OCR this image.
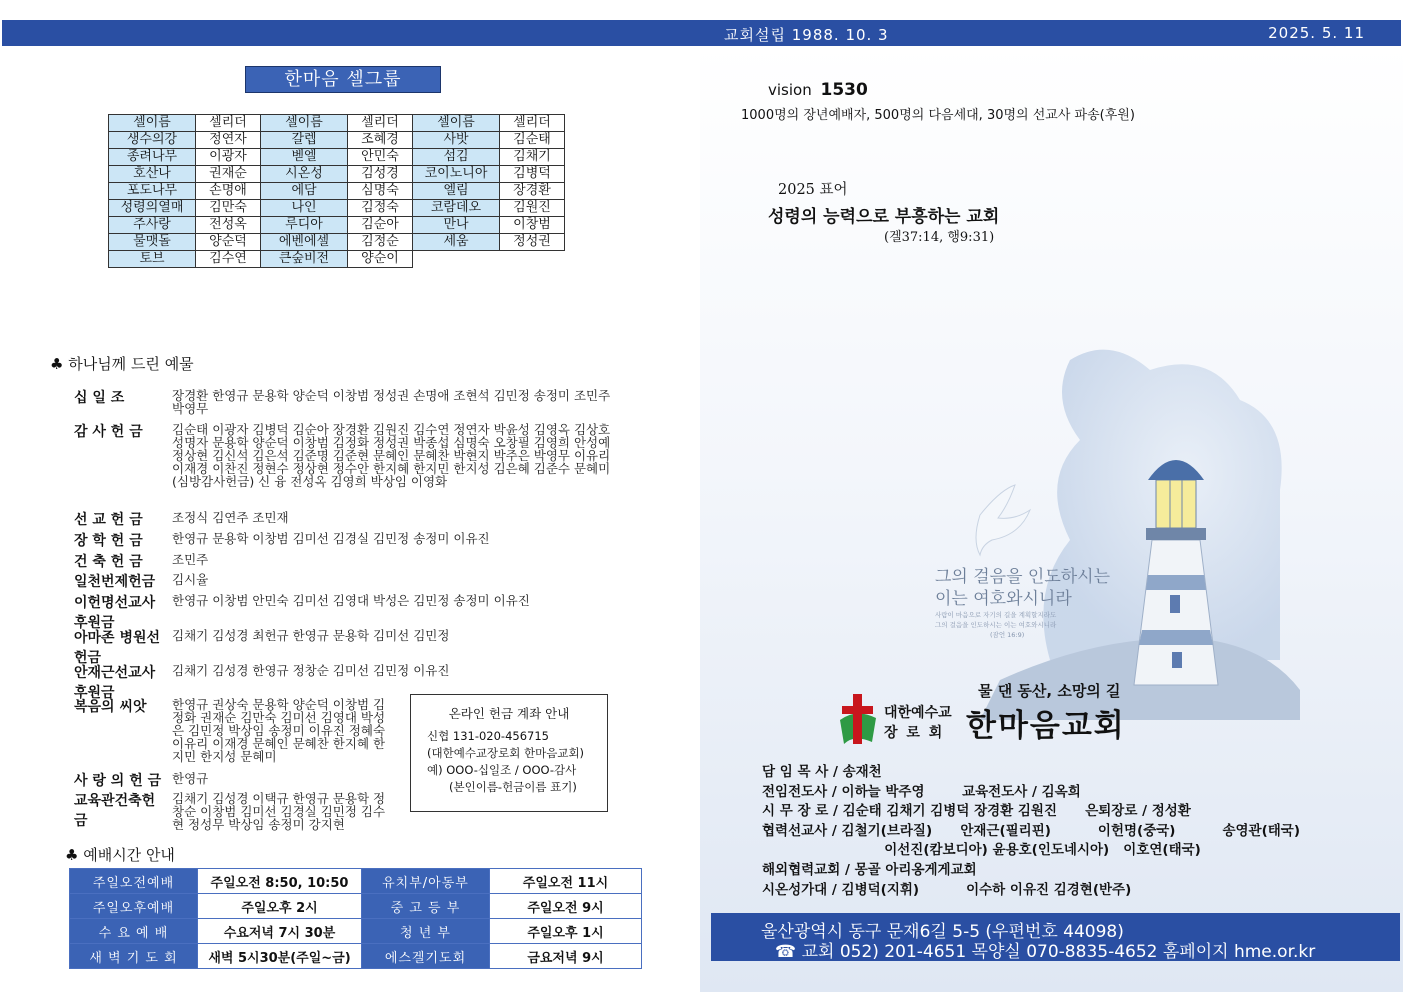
교회설립 1988. 10. 3	2025. 5. 11
한마음 셀그룹
셀이름	셀리더	셀이름	셀리더	셀이름	셀리더
생수의강	정연자	갈렙	조혜경	사밧	김순태
종려나무	이광자	벧엘	안민숙	섬김	김채기
호산나	권재순	시온성	김성경	코이노니아	김병덕
포도나무	손명애	에담	심명숙	엘림	장경환
성령의열매	김만숙	나인	김정숙	코람데오	김원진
주사랑	전성옥	루디아	김순아	만나	이창범
물맷돌	양순덕	에벤에셀	김정순	세움	정성권
토브	김수연	큰숲비전	양순이		
♣ 하나님께 드린 예물
십 일 조	장경환 한영규 문용학 양순덕 이창범 정성권 손명애 조현석 김민정 송정미 조민주 박영무
감 사 헌 금	김순태 이광자 김병덕 김순아 장경환 김원진 김수연 정연자 박윤성 김영옥 김상호 성명자 문용학 양순덕 이창범 김정화 정성권 박종섭 심명숙 오창필 김영희 안성예 정상현 김신석 김은석 김준명 김준현 문혜인 문혜찬 박현지 박주은 박영무 이유리 이재경 이찬진 정현수 정상현 정수안 한지혜 한지민 한지성 김은혜 김준수 문혜미 (심방감사헌금) 신 융 전성옥 김영희 박상임 이영화
선 교 헌 금	조정식 김연주 조민재
장 학 헌 금	한영규 문용학 이창범 김미선 김경실 김민정 송정미 이유진
건 축 헌 금	조민주
일천번제헌금	김시율
이헌명선교사 후원금
한영규 이창범 안민숙 김미선 김영대 박성은 김민정 송정미 이유진
아마존 병원선헌금
김채기 김성경 최헌규 한영규 문용학 김미선 김민정
안재근선교사 후원금
김채기 김성경 한영규 정창순 김미선 김민정 이유진
복음의 씨앗	한영규 권상숙 문용학 양순덕 이창범 김정화 권재순 김만숙 김미선 김영대 박성은 김민정 박상임 송정미 이유진 정혜숙 이유리 이재경 문혜인 문혜찬 한지혜 한지민 한지성 문혜미
사 랑 의 헌 금 한영규
교육관건축헌금
김채기 김성경 이택규 한영규 문용학 정창순 이창범 김미선 김경실 김민정 김수현 정성무 박상임 송정미 강지현
온라인 헌금 계좌 안내
신협 131-020-456715
(대한예수교장로회 한마음교회)
예) OOO-십일조 / OOO-감사
(본인이름-헌금이름 표기)
♣ 예배시간 안내
주일오전예배	주일오전 8:50, 10:50	유치부/아동부	주일오전 11시
주일오후예배	주일오후 2시	중 고 등 부	주일오전 9시
수 요 예 배	수요저녁 7시 30분	청 년 부	주일오후 1시
새 벽 기 도 회	새벽 5시30분(주일~금)	에스겔기도회	금요저녁 9시
vision 1530
1000명의 장년예배자, 500명의 다음세대, 30명의 선교사 파송(후원)
2025 표어
성령의 능력으로 부흥하는 교회
(겔37:14, 행9:31)
그의 걸음을 인도하시는
이는 여호와시니라
사람이 마음으로 자기의 길을 계획할지라도
그의 걸음을 인도하시는 이는 여호와시니라
(잠언 16:9)
물 댄 동산, 소망의 길
대한예수교
장 로 회 한마음교회
담 임 목 사 / 송재천
전임전도사 / 이하늘 박주영        교육전도사 / 김옥희
시 무 장 로 / 김순태 김채기 김병덕 장경환 김원진      은퇴장로 / 정성환
협력선교사 / 김철기(브라질)      안재근(필리핀)          이헌명(중국)          송영관(태국)
이선진(캄보디아) 윤용호(인도네시아)   이호연(태국)
해외협력교회 / 몽골 아리옹게게교회
시온성가대 / 김병덕(지휘)          이수하 이유진 김경현(반주)
울산광역시 동구 문재6길 5-5 (우편번호 44098)
☎ 교회 052) 201-4651 목양실 070-8835-4652 홈페이지 hme.or.kr
